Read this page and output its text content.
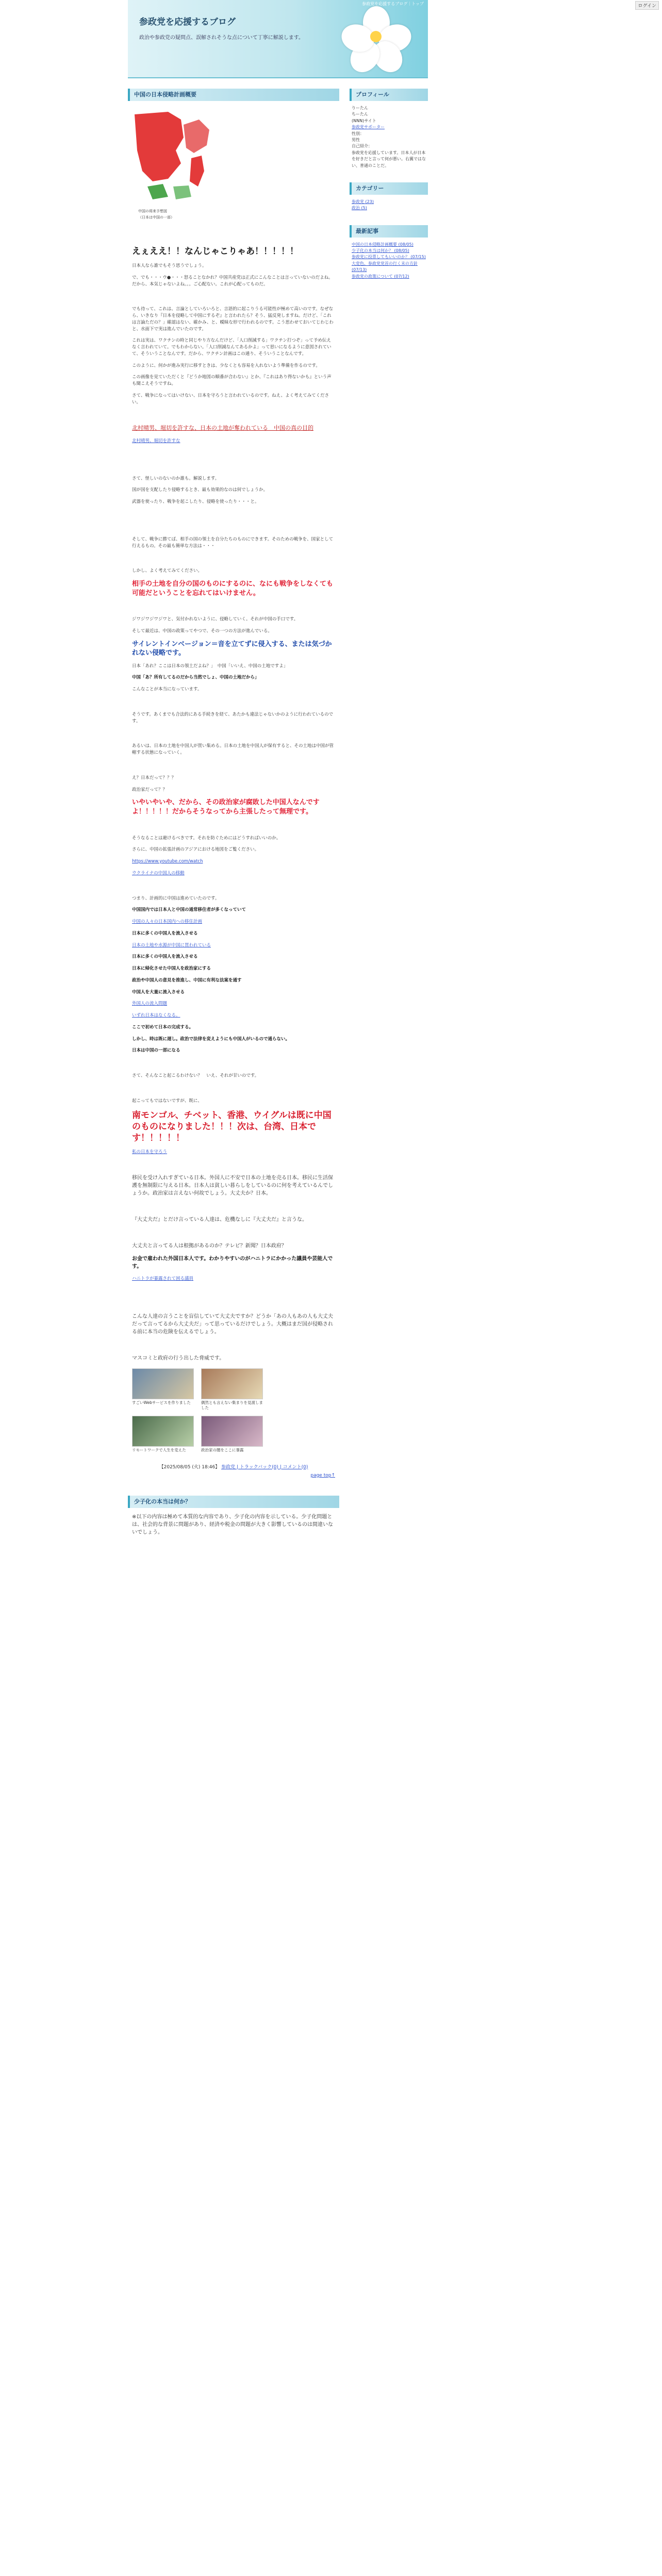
ログイン
参政党を応援するブログ｜トップ
参政党を応援するブログ
政治や参政党の疑問点、誤解されそうな点について丁寧に解説します。
中国の日本侵略計画概要
中国の将来予想図
（日本は中国の一部）
えぇええ！！なんじゃこりゃあ！！！！！
日本人なら誰でもそう思うでしょう。
で、でも・・・ウ●・・・怒ることなかれ？中国共産党は正式にこんなことは言っていないのだよね。だから、本気じゃないよね。。。ご心配ない。これが心配ってものだ。
でも待って、これは、言論としていろいろと、言語的に起こりうる可能性が極めて高いのです。なぜなら、いきなり『日本を侵略して中国にするぞ』と言われたら？そう、猛反発しますね。だけど、「これは言論ただの？」確認はない、確かみ、と、曖昧な形で行われるのです。こう思わせておいてじわじわと、水面下で実は進んでいたのです。
これは実は、ワクチンの時と同じやり方なんだけど、「人口削減する」ワクチン打つぞ」って予め伝えなく言われていて。でもわからない。「人口削減なんてあるかよ」って思いになるように意図されていて、そういうことなんです。だから、ワクチン計画はこの通り、そういうことなんです。
このように、何かが進み実行に移すときは、少なくとも容易を入れないよう準備を作るのです。
この画像を見ていただくと『どうか地図の順番が合わない』とか、『これはあり得ないかも』という声も聞こえそうですね。
さて、戦争になってはいけない、日本を守ろうと言われているのです。ねえ、よく考えてみてください。
北村晴男、堀切を許すな、日本の土地が奪われている　中国の真の目的
北村晴男、堀切を許すな
さて、怪しいのないのか誰も。解説します。
国が国を支配したり侵略するとき、最も効果的なのは何でしょうか。
武器を使ったり、戦争を起こしたり、侵略を使ったり・・・と。
そして、戦争に勝てば、相手の国の領土を自分たちのものにできます。そのための戦争を、国家として行えるもの。その最も簡単な方法は・・・
しかし、よく考えてみてください。
相手の土地を自分の国のものにするのに、なにも戦争をしなくても可能だということを忘れてはいけません。
ジワジワジワジワと、気付かれないように、侵略していく。それが中国の手口です。
そして最近は、中国の政策ってやつで、その一つの方法が進んでいる。
サイレントインベージョン＝音を立てずに侵入する、または気づかれない侵略です。
日本「あれ？ここは日本の領土だよね？」　中国「いいえ、中国の土地ですよ」
中国「あ？所有してるのだから当然でしょ、中国の土地だから」
こんなことが本当になっています。
そうです。あくまでも合法的にある手続きを経て、あたかも違法じゃないかのように行われているのです。
あるいは、日本の土地を中国人が買い集める。日本の土地を中国人が保有すると、その土地は中国が管轄する状態になっていく。
え？日本だって？？？
政治家だって？？
いやいやいや、だから、その政治家が腐敗した中国人なんですよ！！！！！だからそうなってから主張したって無理です。
そうなることは避けるべきです。それを防ぐためにはどうすればいいのか。
さらに、中国の拡張計画のアジアにおける地図をご覧ください。
https://www.youtube.com/watch
ウクライナの中国人の移動
つまり、計画的に中国は進めていたのです。
中国国内では日本人と中国の通常移住者が多くなっていて
中国の人々の日本国内への移住計画
日本に多くの中国人を流入させる
日本の土地や水源が中国に買われている
日本に多くの中国人を流入させる
日本に帰化させた中国人を政治家にする
政治や中国人の意見を推進し、中国に有利な法案を通す
中国人を大量に流入させる
外国人の流入問題
いずれ日本はなくなる。
ここで初めて日本の完成する。
しかし、時は既に遅し。政治で法律を変えようにも中国人がいるので通らない。
日本は中国の一部になる
さて、そんなこと起こるわけない？　いえ、それが甘いのです。
起こってもではないですが、既に、
南モンゴル、チベット、香港、ウイグルは既に中国のものになりました！！！次は、台湾、日本です！！！！！
私の日本を守ろう
移民を受け入れすぎている日本。外国人に不安で日本の土地を売る日本。移民に生活保護を無制限に与える日本。日本人は貧しい暮らしをしているのに何を考えているんでしょうか。政治家は言えない何故でしょう。大丈夫か？日本。
『大丈夫だ』とだけ言っている人達は、危機なしに『大丈夫だ』と言うな。
大丈夫と言ってる人は根拠があるのか？テレビ？新聞？日本政府？
お金で雇われた外国日本人です。わかりやすいのがハニトラにかかった議員や芸能人です。
ハニトラが暴露されて困る議員
こんな人達の言うことを盲信していて大丈夫ですか？どうか「あの人もあの人も大丈夫だって言ってるから大丈夫だ」って思っているだけでしょう。大概はまだ国が侵略される前に本当の危険を伝えるでしょう。
マスコミと政府の行う出した脅威です。
すごいWebサービスを作りました	偶然とも言えない集まりを見渡しました
リモートワークで人生を変えた	政治家の闇をここに暴露
【2025/08/05 (火) 18:46】 参政党 | トラックバック(0) | コメント(0)
page top↑
少子化の本当は何か？
※以下の内容は極めて本質的な内容であり、少子化の内容を示している。少子化問題とは、社会的な背景に問題があり、経済や税金の問題が大きく影響しているのは間違いないでしょう。
プロフィール
りーたん
ちーたん
(NNN)サイト
参政党サポーター
性別：
男性
自己紹介：
参政党を応援しています。日本人が日本を好きだと言って何が悪い。右翼ではない、普通のことだ。
カテゴリー
参政党 (23)
政治 (5)
最新記事
中国の日本侵略計画概要 (08/05)
少子化の本当は何か？ (08/05)
参政党に投票してもいいのか？ (07/15)
大変色、参政党党首の行く末の方針 (07/13)
参政党の政策について (07/12)
